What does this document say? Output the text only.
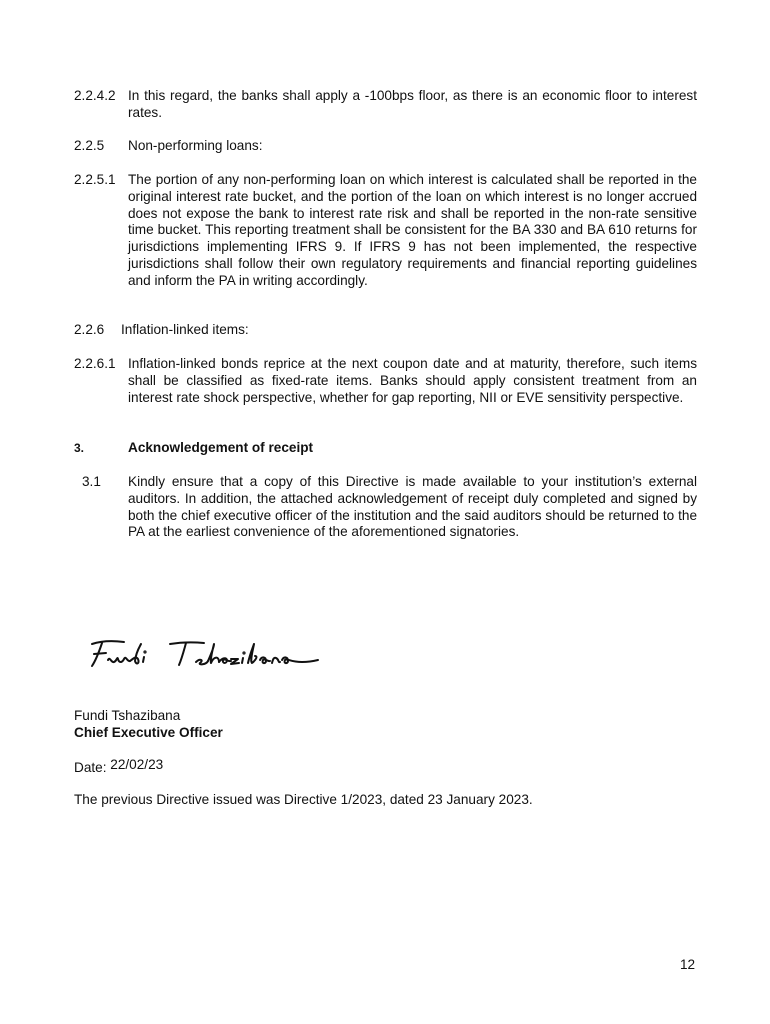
2.2.4.2 In this regard, the banks shall apply a -100bps floor, as there is an economic floor to interest rates.
2.2.5 Non-performing loans:
2.2.5.1 The portion of any non-performing loan on which interest is calculated shall be reported in the original interest rate bucket, and the portion of the loan on which interest is no longer accrued does not expose the bank to interest rate risk and shall be reported in the non-rate sensitive time bucket. This reporting treatment shall be consistent for the BA 330 and BA 610 returns for jurisdictions implementing IFRS 9. If IFRS 9 has not been implemented, the respective jurisdictions shall follow their own regulatory requirements and financial reporting guidelines and inform the PA in writing accordingly.
2.2.6 Inflation-linked items:
2.2.6.1 Inflation-linked bonds reprice at the next coupon date and at maturity, therefore, such items shall be classified as fixed-rate items. Banks should apply consistent treatment from an interest rate shock perspective, whether for gap reporting, NII or EVE sensitivity perspective.
3.	Acknowledgement of receipt
3.1 Kindly ensure that a copy of this Directive is made available to your institution’s external auditors. In addition, the attached acknowledgement of receipt duly completed and signed by both the chief executive officer of the institution and the said auditors should be returned to the PA at the earliest convenience of the aforementioned signatories.
Fundi Tshazibana
Chief Executive Officer
Date: 22/02/23
The previous Directive issued was Directive 1/2023, dated 23 January 2023.
12
